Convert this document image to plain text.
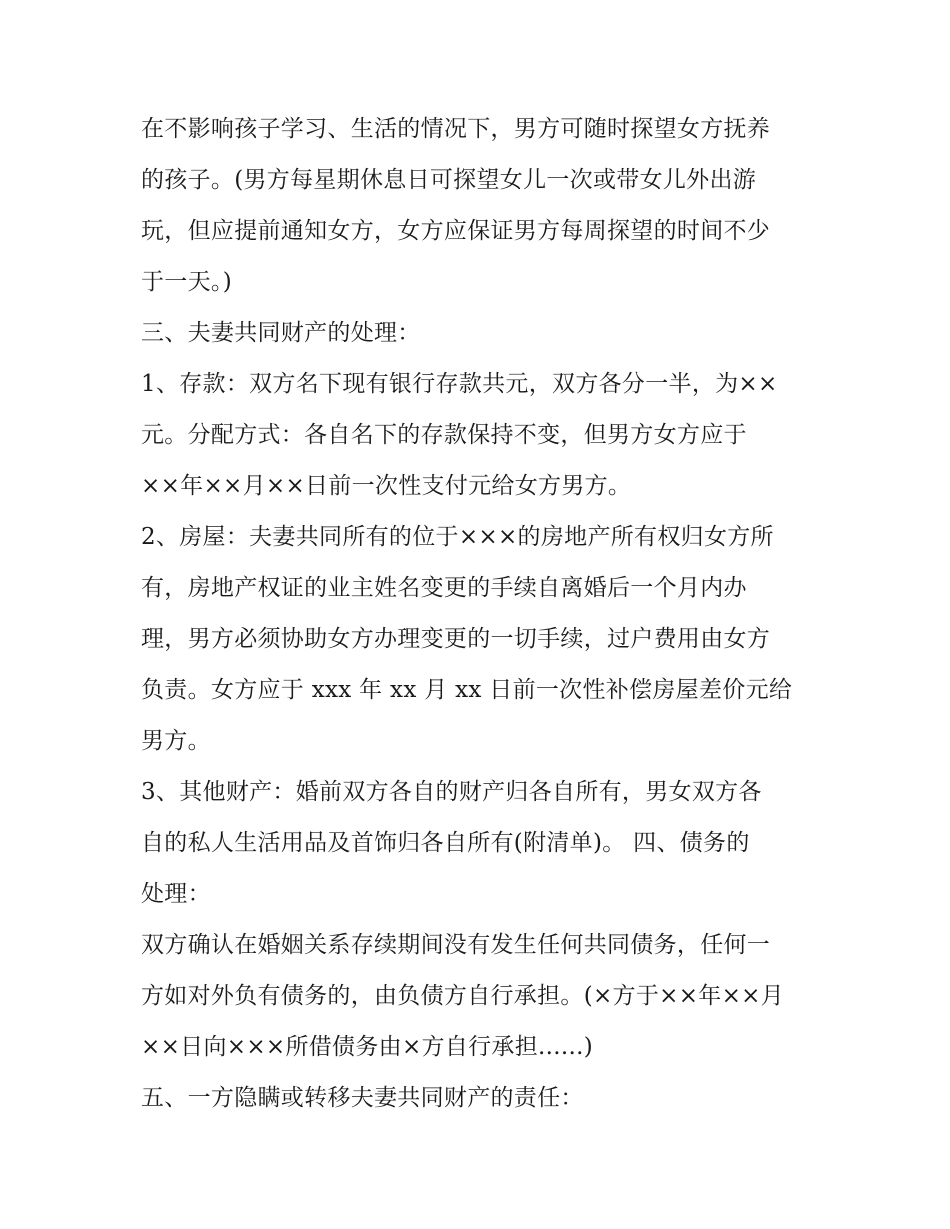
在不影响孩子学习、生活的情况下，男方可随时探望女方抚养
的孩子。(男方每星期休息日可探望女儿一次或带女儿外出游
玩，但应提前通知女方，女方应保证男方每周探望的时间不少
于一天。)
三、夫妻共同财产的处理：
1、存款：双方名下现有银行存款共元，双方各分一半，为××
元。分配方式：各自名下的存款保持不变，但男方女方应于
××年××月××日前一次性支付元给女方男方。
2、房屋：夫妻共同所有的位于×××的房地产所有权归女方所
有，房地产权证的业主姓名变更的手续自离婚后一个月内办
理，男方必须协助女方办理变更的一切手续，过户费用由女方
负责。女方应于 xxx 年 xx 月 xx 日前一次性补偿房屋差价元给
男方。
3、其他财产：婚前双方各自的财产归各自所有，男女双方各
自的私人生活用品及首饰归各自所有(附清单)。 四、债务的
处理：
双方确认在婚姻关系存续期间没有发生任何共同债务，任何一
方如对外负有债务的，由负债方自行承担。(×方于××年××月
××日向×××所借债务由×方自行承担......)
五、一方隐瞒或转移夫妻共同财产的责任：
